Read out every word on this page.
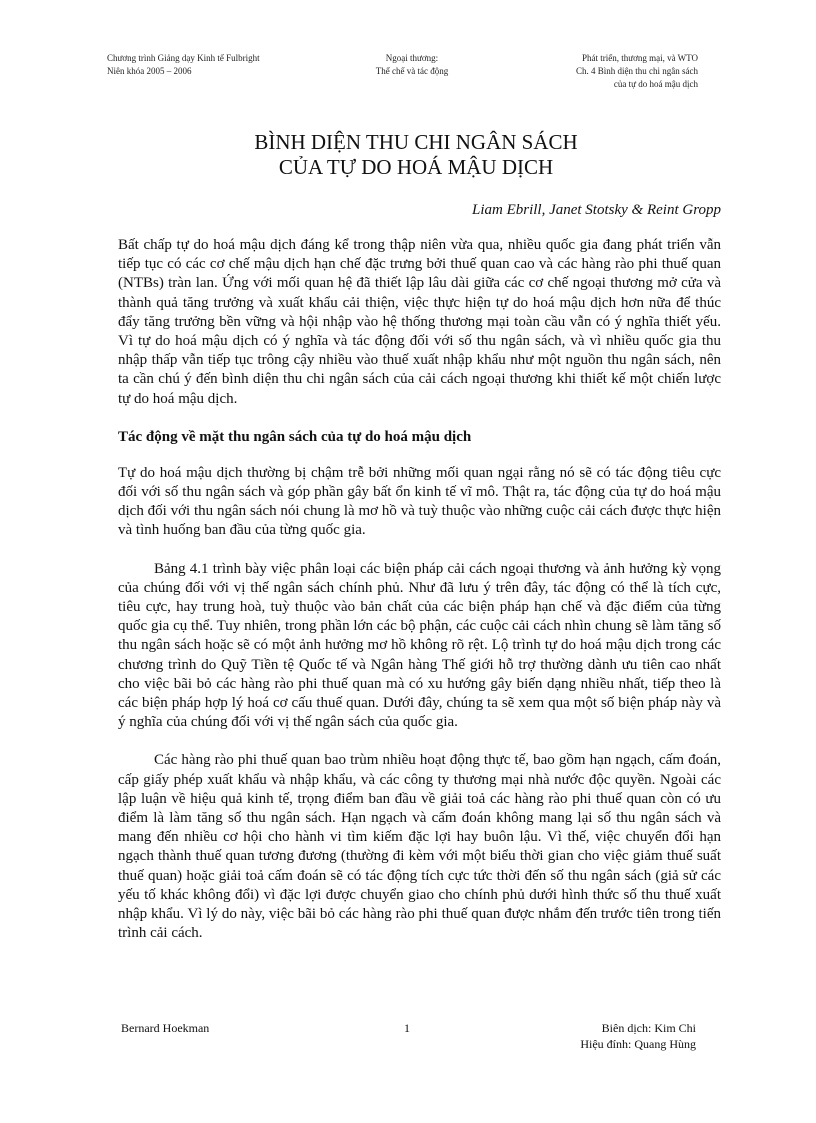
Chương trình Giảng dạy Kinh tế Fulbright
Niên khóa 2005 – 2006
Ngoại thương:
Thể chế và tác động
Phát triển, thương mại, và WTO
Ch. 4 Bình diện thu chi ngân sách
của tự do hoá mậu dịch
BÌNH DIỆN THU CHI NGÂN SÁCH
CỦA TỰ DO HOÁ MẬU DỊCH
Liam Ebrill, Janet Stotsky & Reint Gropp

Bất chấp tự do hoá mậu dịch đáng kể trong thập niên vừa qua, nhiều quốc gia đang phát triển vẫn tiếp tục có các cơ chế mậu dịch hạn chế đặc trưng bởi thuế quan cao và các hàng rào phi thuế quan (NTBs) tràn lan. Ứng với mối quan hệ đã thiết lập lâu dài giữa các cơ chế ngoại thương mở cửa và thành quả tăng trưởng và xuất khẩu cải thiện, việc thực hiện tự do hoá mậu dịch hơn nữa để thúc đẩy tăng trưởng bền vững và hội nhập vào hệ thống thương mại toàn cầu vẫn có ý nghĩa thiết yếu. Vì tự do hoá mậu dịch có ý nghĩa và tác động đối với số thu ngân sách, và vì nhiều quốc gia thu nhập thấp vẫn tiếp tục trông cậy nhiều vào thuế xuất nhập khẩu như một nguồn thu ngân sách, nên ta cần chú ý đến bình diện thu chi ngân sách của cải cách ngoại thương khi thiết kế một chiến lược tự do hoá mậu dịch.

Tác động về mặt thu ngân sách của tự do hoá mậu dịch

Tự do hoá mậu dịch thường bị chậm trễ bởi những mối quan ngại rằng nó sẽ có tác động tiêu cực đối với số thu ngân sách và góp phần gây bất ổn kinh tế vĩ mô. Thật ra, tác động của tự do hoá mậu dịch đối với thu ngân sách nói chung là mơ hồ và tuỳ thuộc vào những cuộc cải cách được thực hiện và tình huống ban đầu của từng quốc gia.

Bảng 4.1 trình bày việc phân loại các biện pháp cải cách ngoại thương và ảnh hưởng kỳ vọng của chúng đối với vị thế ngân sách chính phủ. Như đã lưu ý trên đây, tác động có thể là tích cực, tiêu cực, hay trung hoà, tuỳ thuộc vào bản chất của các biện pháp hạn chế và đặc điểm của từng quốc gia cụ thể. Tuy nhiên, trong phần lớn các bộ phận, các cuộc cải cách nhìn chung sẽ làm tăng số thu ngân sách hoặc sẽ có một ảnh hưởng mơ hồ không rõ rệt. Lộ trình tự do hoá mậu dịch trong các chương trình do Quỹ Tiền tệ Quốc tế và Ngân hàng Thế giới hỗ trợ thường dành ưu tiên cao nhất cho việc bãi bỏ các hàng rào phi thuế quan mà có xu hướng gây biến dạng nhiều nhất, tiếp theo là các biện pháp hợp lý hoá cơ cấu thuế quan. Dưới đây, chúng ta sẽ xem qua một số biện pháp này và ý nghĩa của chúng đối với vị thế ngân sách của quốc gia.

Các hàng rào phi thuế quan bao trùm nhiều hoạt động thực tế, bao gồm hạn ngạch, cấm đoán, cấp giấy phép xuất khẩu và nhập khẩu, và các công ty thương mại nhà nước độc quyền. Ngoài các lập luận về hiệu quả kinh tế, trọng điểm ban đầu về giải toả các hàng rào phi thuế quan còn có ưu điểm là làm tăng số thu ngân sách. Hạn ngạch và cấm đoán không mang lại số thu ngân sách và mang đến nhiều cơ hội cho hành vi tìm kiếm đặc lợi hay buôn lậu. Vì thế, việc chuyển đổi hạn ngạch thành thuế quan tương đương (thường đi kèm với một biểu thời gian cho việc giảm thuế suất thuế quan) hoặc giải toả cấm đoán sẽ có tác động tích cực tức thời đến số thu ngân sách (giả sử các yếu tố khác không đổi) vì đặc lợi được chuyển giao cho chính phủ dưới hình thức số thu thuế xuất nhập khẩu. Vì lý do này, việc bãi bỏ các hàng rào phi thuế quan được nhắm đến trước tiên trong tiến trình cải cách.

Bernard Hoekman	1	Biên dịch: Kim Chi
Hiệu đính: Quang Hùng
